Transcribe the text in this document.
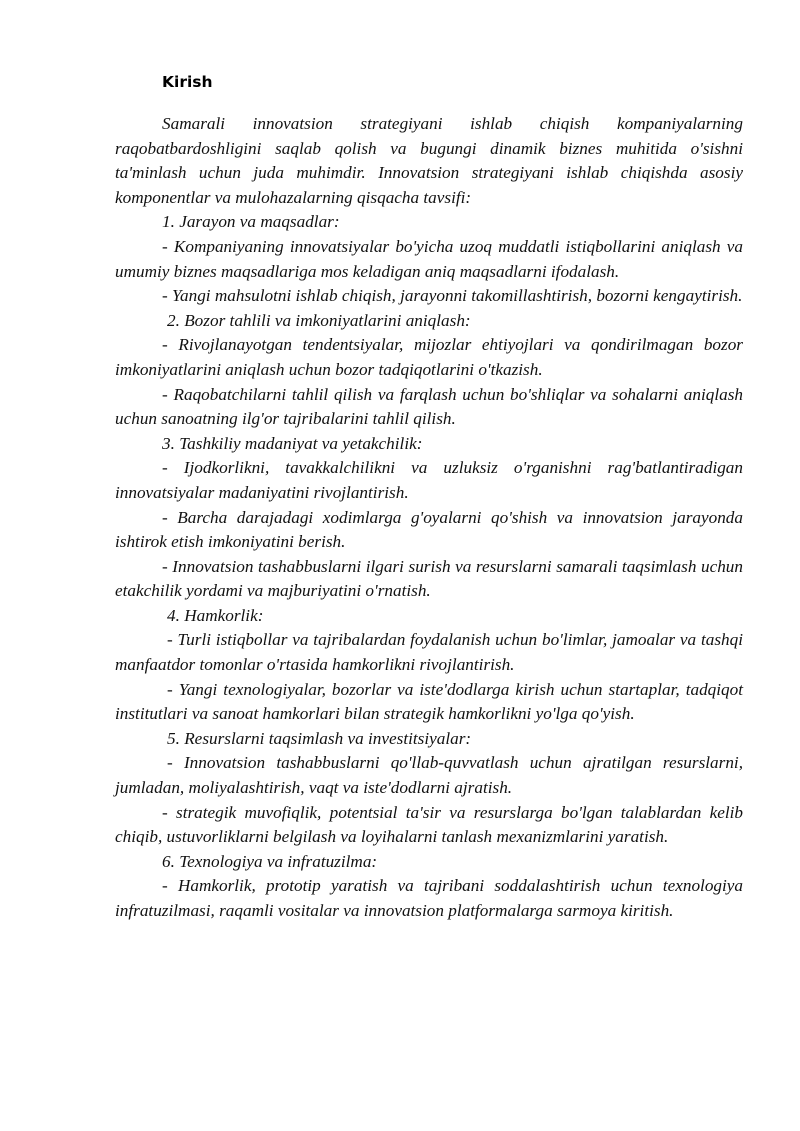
Kirish

Samarali innovatsion strategiyani ishlab chiqish kompaniyalarning raqobatbardoshligini saqlab qolish va bugungi dinamik biznes muhitida o'sishni ta'minlash uchun juda muhimdir. Innovatsion strategiyani ishlab chiqishda asosiy komponentlar va mulohazalarning qisqacha tavsifi:

1. Jarayon va maqsadlar:

- Kompaniyaning innovatsiyalar bo'yicha uzoq muddatli istiqbollarini aniqlash va umumiy biznes maqsadlariga mos keladigan aniq maqsadlarni ifodalash.

- Yangi mahsulotni ishlab chiqish, jarayonni takomillashtirish, bozorni kengaytirish.

2. Bozor tahlili va imkoniyatlarini aniqlash:

- Rivojlanayotgan tendentsiyalar, mijozlar ehtiyojlari va qondirilmagan bozor imkoniyatlarini aniqlash uchun bozor tadqiqotlarini o'tkazish.

- Raqobatchilarni tahlil qilish va farqlash uchun bo'shliqlar va sohalarni aniqlash uchun sanoatning ilg'or tajribalarini tahlil qilish.

3. Tashkiliy madaniyat va yetakchilik:

- Ijodkorlikni, tavakkalchilikni va uzluksiz o'rganishni rag'batlantiradigan innovatsiyalar madaniyatini rivojlantirish.

- Barcha darajadagi xodimlarga g'oyalarni qo'shish va innovatsion jarayonda ishtirok etish imkoniyatini berish.

- Innovatsion tashabbuslarni ilgari surish va resurslarni samarali taqsimlash uchun etakchilik yordami va majburiyatini o'rnatish.

4. Hamkorlik:

- Turli istiqbollar va tajribalardan foydalanish uchun bo'limlar, jamoalar va tashqi manfaatdor tomonlar o'rtasida hamkorlikni rivojlantirish.

- Yangi texnologiyalar, bozorlar va iste'dodlarga kirish uchun startaplar, tadqiqot institutlari va sanoat hamkorlari bilan strategik hamkorlikni yo'lga qo'yish.

5. Resurslarni taqsimlash va investitsiyalar:

- Innovatsion tashabbuslarni qo'llab-quvvatlash uchun ajratilgan resurslarni, jumladan, moliyalashtirish, vaqt va iste'dodlarni ajratish.

- strategik muvofiqlik, potentsial ta'sir va resurslarga bo'lgan talablardan kelib chiqib, ustuvorliklarni belgilash va loyihalarni tanlash mexanizmlarini yaratish.

6. Texnologiya va infratuzilma:

- Hamkorlik, prototip yaratish va tajribani soddalashtirish uchun texnologiya infratuzilmasi, raqamli vositalar va innovatsion platformalarga sarmoya kiritish.
